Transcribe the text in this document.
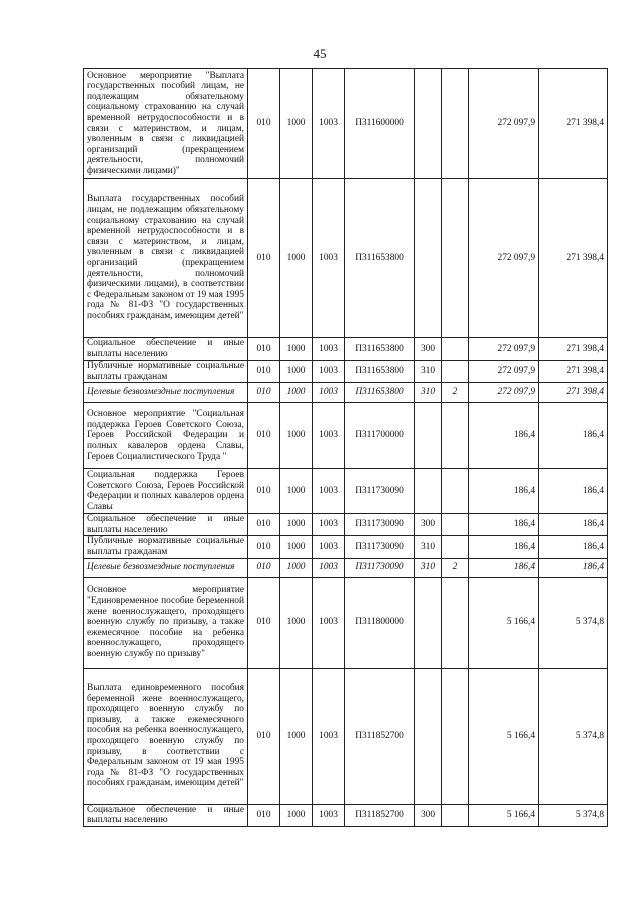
45
Основное мероприятие "Выплата государственных пособий лицам, не подлежащим обязательному социальному страхованию на случай временной нетрудоспособности и в связи с материнством, и лицам, уволенным в связи с ликвидацией организаций (прекращением деятельности, полномочий физическими лицами)"	010	1000	1003	П311600000			272 097,9	271 398,4
Выплата государственных пособий лицам, не подлежащим обязательному социальному страхованию на случай временной нетрудоспособности и в связи с материнством, и лицам, уволенным в связи с ликвидацией организаций (прекращением деятельности, полномочий физическими лицами), в соответствии с Федеральным законом от 19 мая 1995 года № 81-ФЗ "О государственных пособиях гражданам, имеющим детей"	010	1000	1003	П311653800			272 097,9	271 398,4
Социальное обеспечение и иные выплаты населению	010	1000	1003	П311653800	300		272 097,9	271 398,4
Публичные нормативные социальные выплаты гражданам	010	1000	1003	П311653800	310		272 097,9	271 398,4
Целевые безвозмездные поступления	010	1000	1003	П311653800	310	2	272 097,9	271 398,4
Основное мероприятие "Социальная поддержка Героев Советского Союза, Героев Российской Федерации и полных кавалеров ордена Славы, Героев Социалистического Труда "	010	1000	1003	П311700000			186,4	186,4
Социальная поддержка Героев Советского Союза, Героев Российской Федерации и полных кавалеров ордена Славы	010	1000	1003	П311730090			186,4	186,4
Социальное обеспечение и иные выплаты населению	010	1000	1003	П311730090	300		186,4	186,4
Публичные нормативные социальные выплаты гражданам	010	1000	1003	П311730090	310		186,4	186,4
Целевые безвозмездные поступления	010	1000	1003	П311730090	310	2	186,4	186,4
Основное мероприятие "Единовременное пособие беременной жене военнослужащего, проходящего военную службу по призыву, а также ежемесячное пособие на ребенка военнослужащего, проходящего военную службу по призыву"	010	1000	1003	П311800000			5 166,4	5 374,8
Выплата единовременного пособия беременной жене военнослужащего, проходящего военную службу по призыву, а также ежемесячного пособия на ребенка военнослужащего, проходящего военную службу по призыву, в соответствии с Федеральным законом от 19 мая 1995 года № 81-ФЗ "О государственных пособиях гражданам, имеющим детей"	010	1000	1003	П311852700			5 166,4	5 374,8
Социальное обеспечение и иные выплаты населению	010	1000	1003	П311852700	300		5 166,4	5 374,8
